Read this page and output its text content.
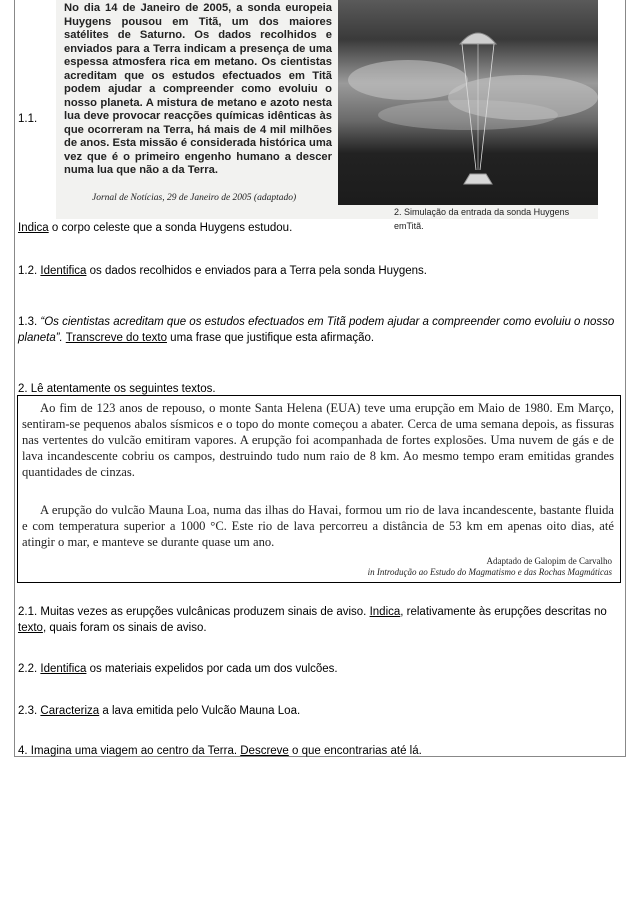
No dia 14 de Janeiro de 2005, a sonda europeia Huygens pousou em Titã, um dos maiores satélites de Saturno. Os dados recolhidos e enviados para a Terra indicam a presença de uma espessa atmosfera rica em metano. Os cientistas acreditam que os estudos efectuados em Titã podem ajudar a compreender como evoluiu o nosso planeta. A mistura de metano e azoto nesta lua deve provocar reacções químicas idênticas às que ocorreram na Terra, há mais de 4 mil milhões de anos. Esta missão é considerada histórica uma vez que é o primeiro engenho humano a descer numa lua que não a da Terra.
Jornal de Notícias, 29 de Janeiro de 2005 (adaptado)
2. Simulação da entrada da sonda Huygens emTitã.
1.1.
Indica o corpo celeste que a sonda Huygens estudou.
1.2. Identifica os dados recolhidos e enviados para a Terra pela sonda Huygens.
1.3. “Os cientistas acreditam que os estudos efectuados em Titã podem ajudar a compreender como evoluiu o nosso planeta”. Transcreve do texto uma frase que justifique esta afirmação.
2. Lê atentamente os seguintes textos.

Ao fim de 123 anos de repouso, o monte Santa Helena (EUA) teve uma erupção em Maio de 1980. Em Março, sentiram-se pequenos abalos sísmicos e o topo do monte começou a abater. Cerca de uma semana depois, as fissuras nas vertentes do vulcão emitiram vapores. A erupção foi acompanhada de fortes explosões. Uma nuvem de gás e de lava incandescente cobriu os campos, destruindo tudo num raio de 8 km. Ao mesmo tempo eram emitidas grandes quantidades de cinzas.

A erupção do vulcão Mauna Loa, numa das ilhas do Havai, formou um rio de lava incandescente, bastante fluida e com temperatura superior a 1000 °C. Este rio de lava percorreu a distância de 53 km em apenas oito dias, até atingir o mar, e manteve se durante quase um ano.

Adaptado de Galopim de Carvalho
in Introdução ao Estudo do Magmatismo e das Rochas Magmáticas
2.1. Muitas vezes as erupções vulcânicas produzem sinais de aviso. Indica, relativamente às erupções descritas no texto, quais foram os sinais de aviso.
2.2. Identifica os materiais expelidos por cada um dos vulcões.
2.3. Caracteriza a lava emitida pelo Vulcão Mauna Loa.
4. Imagina uma viagem ao centro da Terra. Descreve o que encontrarias até lá.
